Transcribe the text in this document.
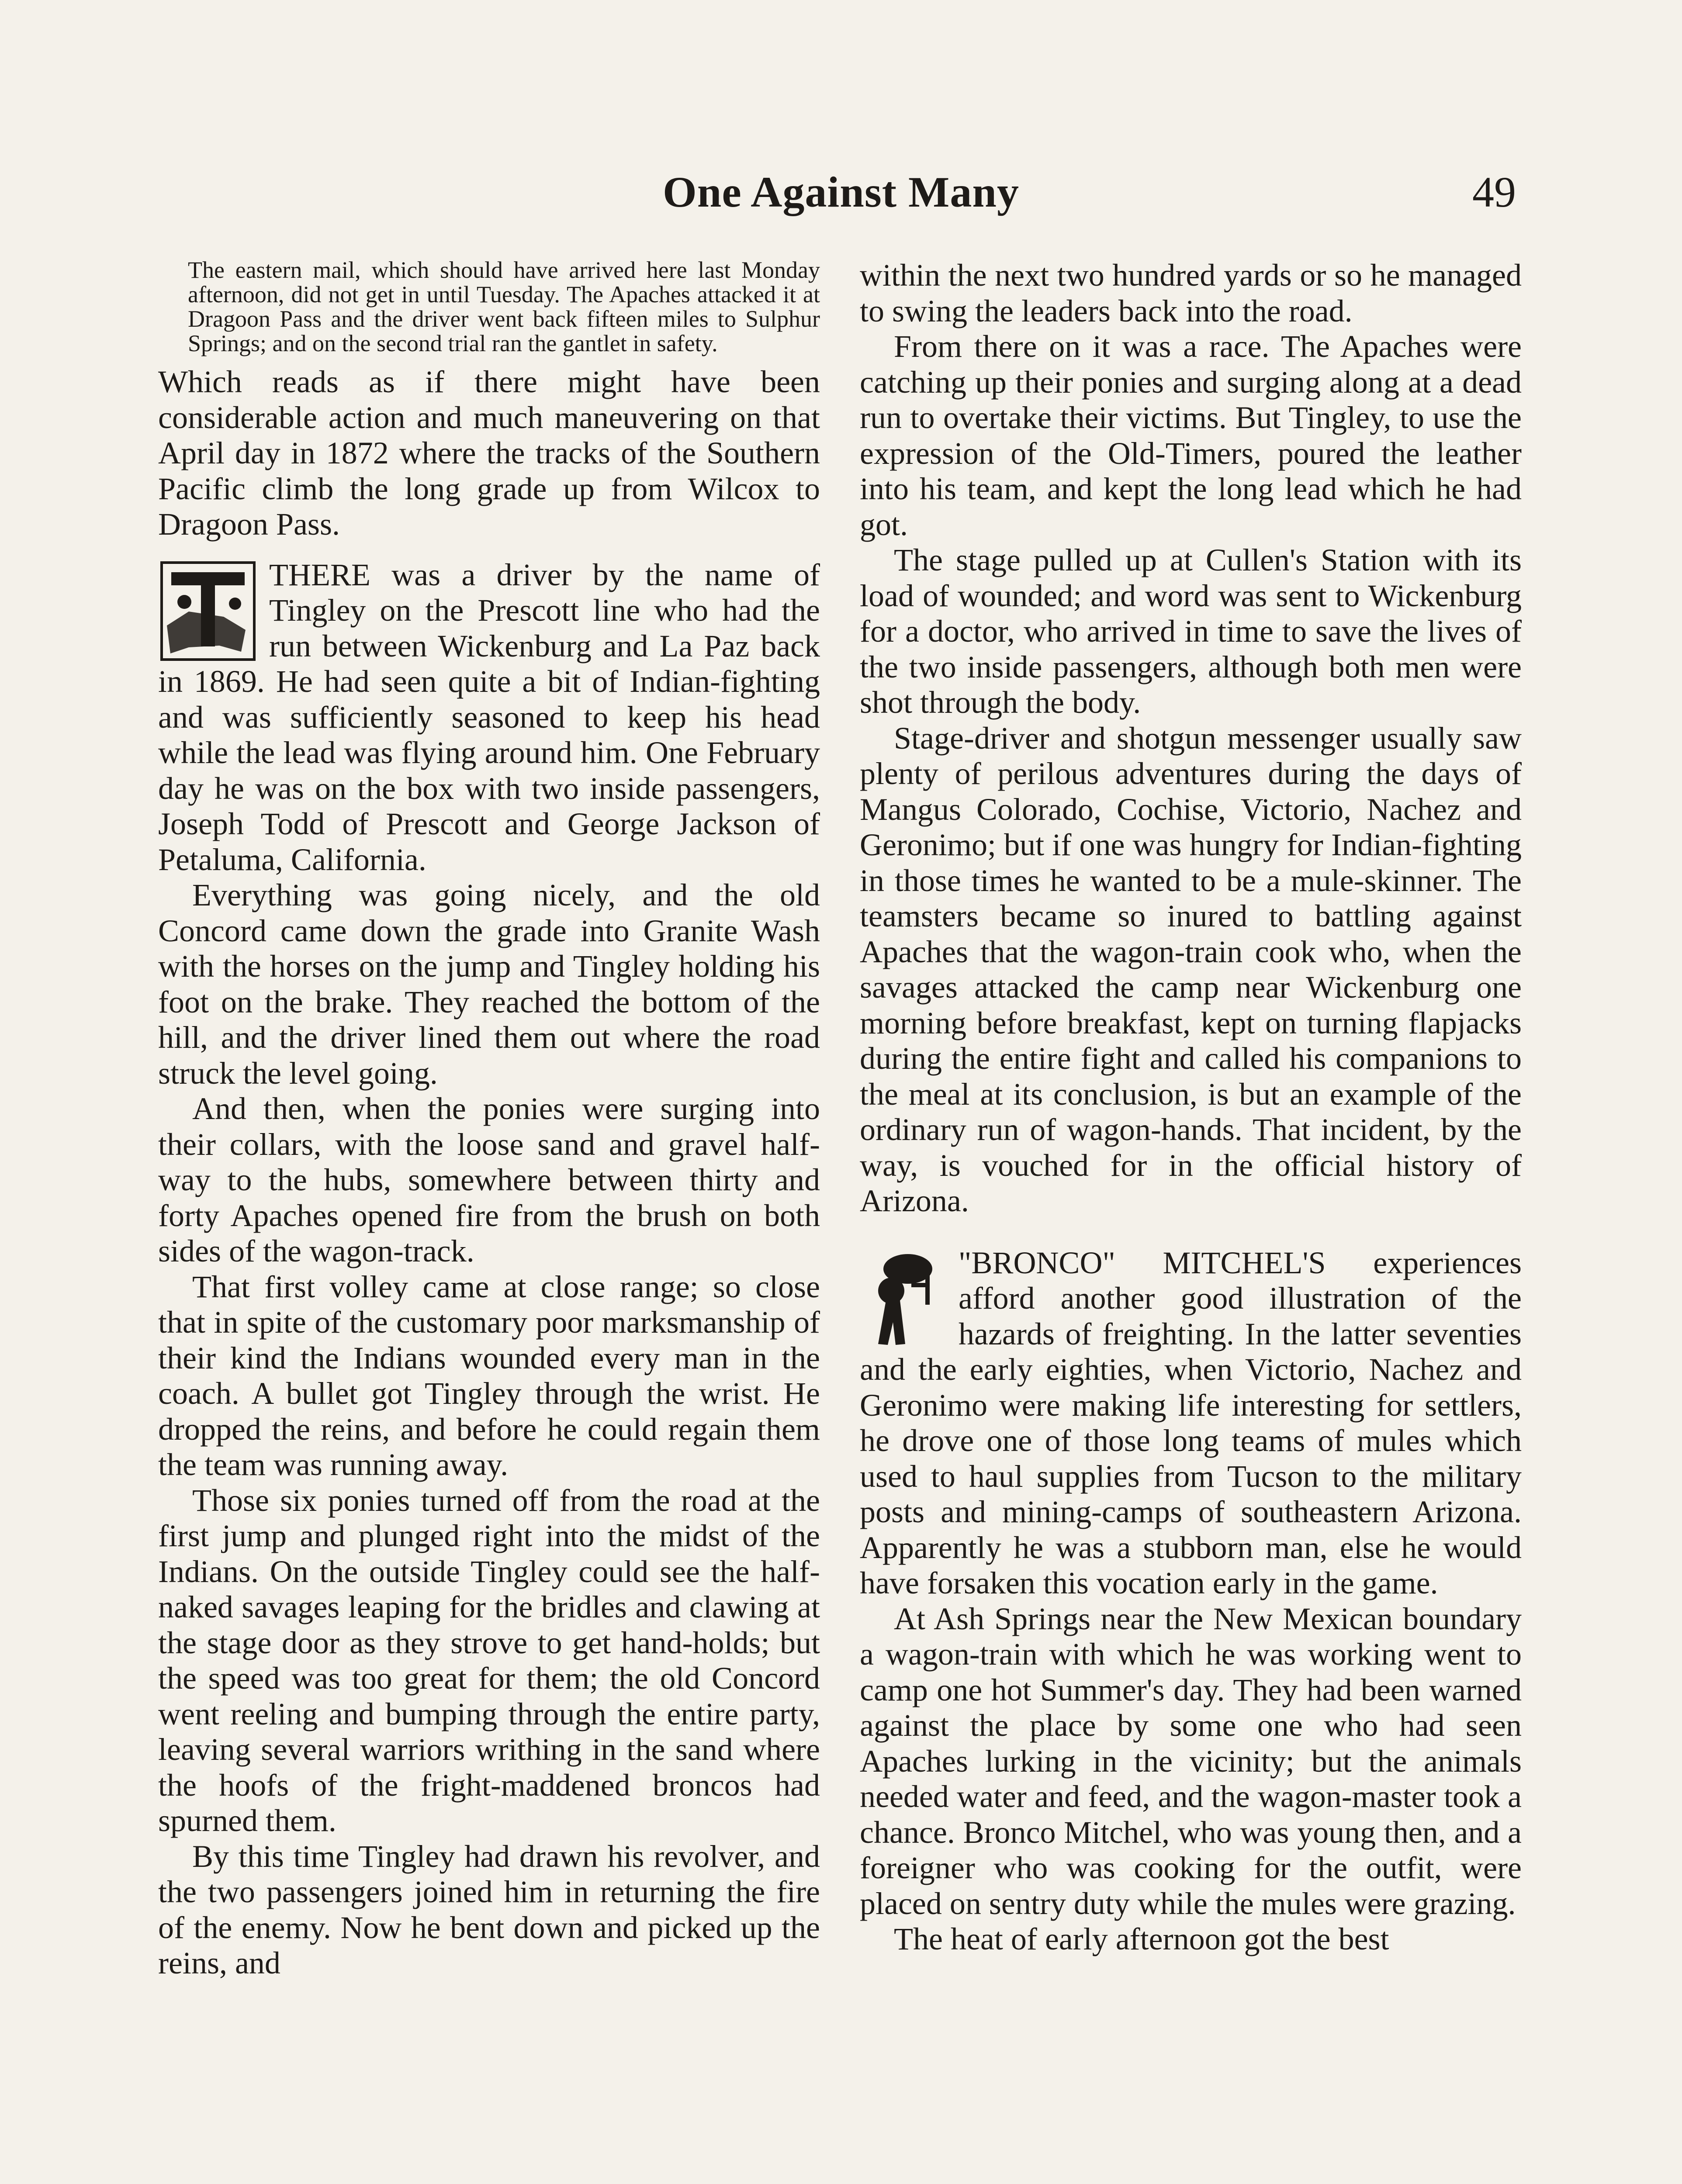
One Against Many	49

The eastern mail, which should have arrived here last Monday afternoon, did not get in until Tuesday. The Apaches attacked it at Dragoon Pass and the driver went back fifteen miles to Sulphur Springs; and on the second trial ran the gantlet in safety.

Which reads as if there might have been considerable action and much maneuvering on that April day in 1872 where the tracks of the Southern Pacific climb the long grade up from Wilcox to Dragoon Pass.

THERE was a driver by the name of Tingley on the Prescott line who had the run between Wickenburg and La Paz back in 1869. He had seen quite a bit of Indian-fighting and was sufficiently seasoned to keep his head while the lead was flying around him. One February day he was on the box with two inside passengers, Joseph Todd of Prescott and George Jackson of Petaluma, California.

Everything was going nicely, and the old Concord came down the grade into Granite Wash with the horses on the jump and Tingley holding his foot on the brake. They reached the bottom of the hill, and the driver lined them out where the road struck the level going.

And then, when the ponies were surging into their collars, with the loose sand and gravel half-way to the hubs, somewhere between thirty and forty Apaches opened fire from the brush on both sides of the wagon-track.

That first volley came at close range; so close that in spite of the customary poor marksmanship of their kind the Indians wounded every man in the coach. A bullet got Tingley through the wrist. He dropped the reins, and before he could regain them the team was running away.

Those six ponies turned off from the road at the first jump and plunged right into the midst of the Indians. On the outside Tingley could see the half-naked savages leaping for the bridles and clawing at the stage door as they strove to get hand-holds; but the speed was too great for them; the old Concord went reeling and bumping through the entire party, leaving several warriors writhing in the sand where the hoofs of the fright-maddened broncos had spurned them.

By this time Tingley had drawn his revolver, and the two passengers joined him in returning the fire of the enemy. Now he bent down and picked up the reins, and

within the next two hundred yards or so he managed to swing the leaders back into the road.

From there on it was a race. The Apaches were catching up their ponies and surging along at a dead run to overtake their victims. But Tingley, to use the expression of the Old-Timers, poured the leather into his team, and kept the long lead which he had got.

The stage pulled up at Cullen's Station with its load of wounded; and word was sent to Wickenburg for a doctor, who arrived in time to save the lives of the two inside passengers, although both men were shot through the body.

Stage-driver and shotgun messenger usually saw plenty of perilous adventures during the days of Mangus Colorado, Cochise, Victorio, Nachez and Geronimo; but if one was hungry for Indian-fighting in those times he wanted to be a mule-skinner. The teamsters became so inured to battling against Apaches that the wagon-train cook who, when the savages attacked the camp near Wickenburg one morning before breakfast, kept on turning flapjacks during the entire fight and called his companions to the meal at its conclusion, is but an example of the ordinary run of wagon-hands. That incident, by the way, is vouched for in the official history of Arizona.

"BRONCO" MITCHEL'S experiences afford another good illustration of the hazards of freighting. In the latter seventies and the early eighties, when Victorio, Nachez and Geronimo were making life interesting for settlers, he drove one of those long teams of mules which used to haul supplies from Tucson to the military posts and mining-camps of southeastern Arizona. Apparently he was a stubborn man, else he would have forsaken this vocation early in the game.

At Ash Springs near the New Mexican boundary a wagon-train with which he was working went to camp one hot Summer's day. They had been warned against the place by some one who had seen Apaches lurking in the vicinity; but the animals needed water and feed, and the wagon-master took a chance. Bronco Mitchel, who was young then, and a foreigner who was cooking for the outfit, were placed on sentry duty while the mules were grazing.

The heat of early afternoon got the best
